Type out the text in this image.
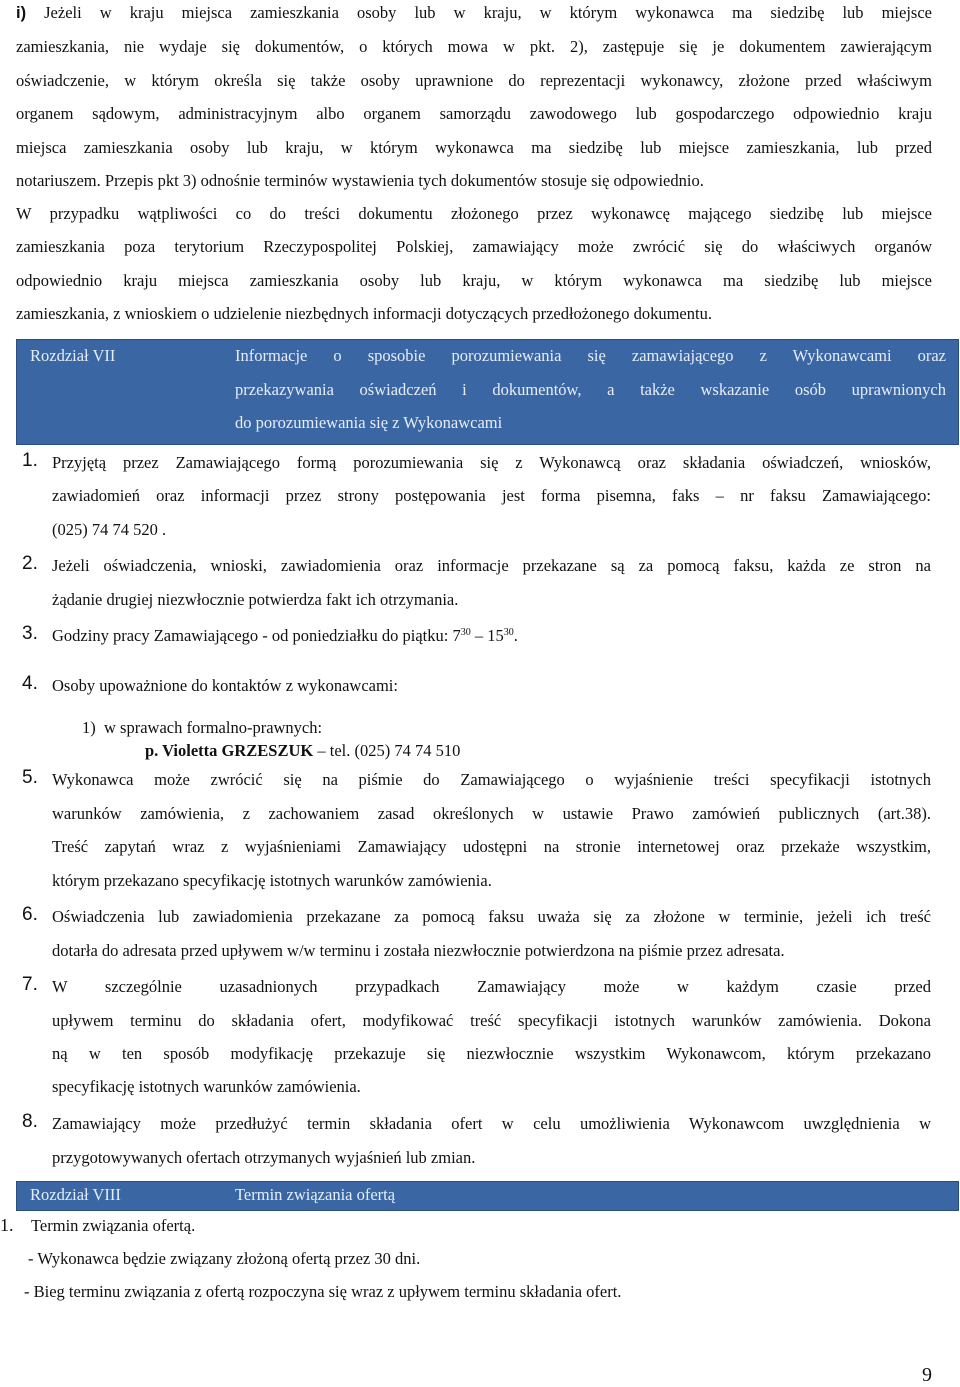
i) Jeżeli w kraju miejsca zamieszkania osoby lub w kraju, w którym wykonawca ma siedzibę lub miejsce
zamieszkania, nie wydaje się dokumentów, o których mowa w pkt. 2), zastępuje się je dokumentem zawierającym
oświadczenie, w którym określa się także osoby uprawnione do reprezentacji wykonawcy, złożone przed właściwym
organem sądowym, administracyjnym albo organem samorządu zawodowego lub gospodarczego odpowiednio kraju
miejsca zamieszkania osoby lub kraju, w którym wykonawca ma siedzibę lub miejsce zamieszkania, lub przed
notariuszem. Przepis pkt 3) odnośnie terminów wystawienia tych dokumentów stosuje się odpowiednio.
W przypadku wątpliwości co do treści dokumentu złożonego przez wykonawcę mającego siedzibę lub miejsce
zamieszkania poza terytorium Rzeczypospolitej Polskiej, zamawiający może zwrócić się do właściwych organów
odpowiednio kraju miejsca zamieszkania osoby lub kraju, w którym wykonawca ma siedzibę lub miejsce
zamieszkania, z wnioskiem o udzielenie niezbędnych informacji dotyczących przedłożonego dokumentu.
Rozdział VII	Informacje o sposobie porozumiewania się zamawiającego z Wykonawcami oraz
przekazywania oświadczeń i dokumentów, a także wskazanie osób uprawnionych
do porozumiewania się z Wykonawcami
1. Przyjętą przez Zamawiającego formą porozumiewania się z Wykonawcą oraz składania oświadczeń, wniosków,
zawiadomień oraz informacji przez strony postępowania jest forma pisemna, faks – nr faksu Zamawiającego:
(025) 74 74 520 .
2. Jeżeli oświadczenia, wnioski, zawiadomienia oraz informacje przekazane są za pomocą faksu, każda ze stron na
żądanie drugiej niezwłocznie potwierdza fakt ich otrzymania.
3. Godziny pracy Zamawiającego - od poniedziałku do piątku: $7^{30} - 15^{30}$.
4. Osoby upoważnione do kontaktów z wykonawcami:
1) w sprawach formalno-prawnych:
p. Violetta GRZESZUK – tel. (025) 74 74 510
5. Wykonawca może zwrócić się na piśmie do Zamawiającego o wyjaśnienie treści specyfikacji istotnych
warunków zamówienia, z zachowaniem zasad określonych w ustawie Prawo zamówień publicznych (art.38).
Treść zapytań wraz z wyjaśnieniami Zamawiający udostępni na stronie internetowej oraz przekaże wszystkim,
którym przekazano specyfikację istotnych warunków zamówienia.
6. Oświadczenia lub zawiadomienia przekazane za pomocą faksu uważa się za złożone w terminie, jeżeli ich treść
dotarła do adresata przed upływem w/w terminu i została niezwłocznie potwierdzona na piśmie przez adresata.
7. W szczególnie uzasadnionych przypadkach Zamawiający może w każdym czasie przed
upływem terminu do składania ofert, modyfikować treść specyfikacji istotnych warunków zamówienia. Dokona
ną w ten sposób modyfikację przekazuje się niezwłocznie wszystkim Wykonawcom, którym przekazano
specyfikację istotnych warunków zamówienia.
8. Zamawiający może przedłużyć termin składania ofert w celu umożliwienia Wykonawcom uwzględnienia w
przygotowywanych ofertach otrzymanych wyjaśnień lub zmian.
Rozdział VIII	Termin związania ofertą
1. Termin związania ofertą.
- Wykonawca będzie związany złożoną ofertą przez 30 dni.
- Bieg terminu związania z ofertą rozpoczyna się wraz z upływem terminu składania ofert.
9
